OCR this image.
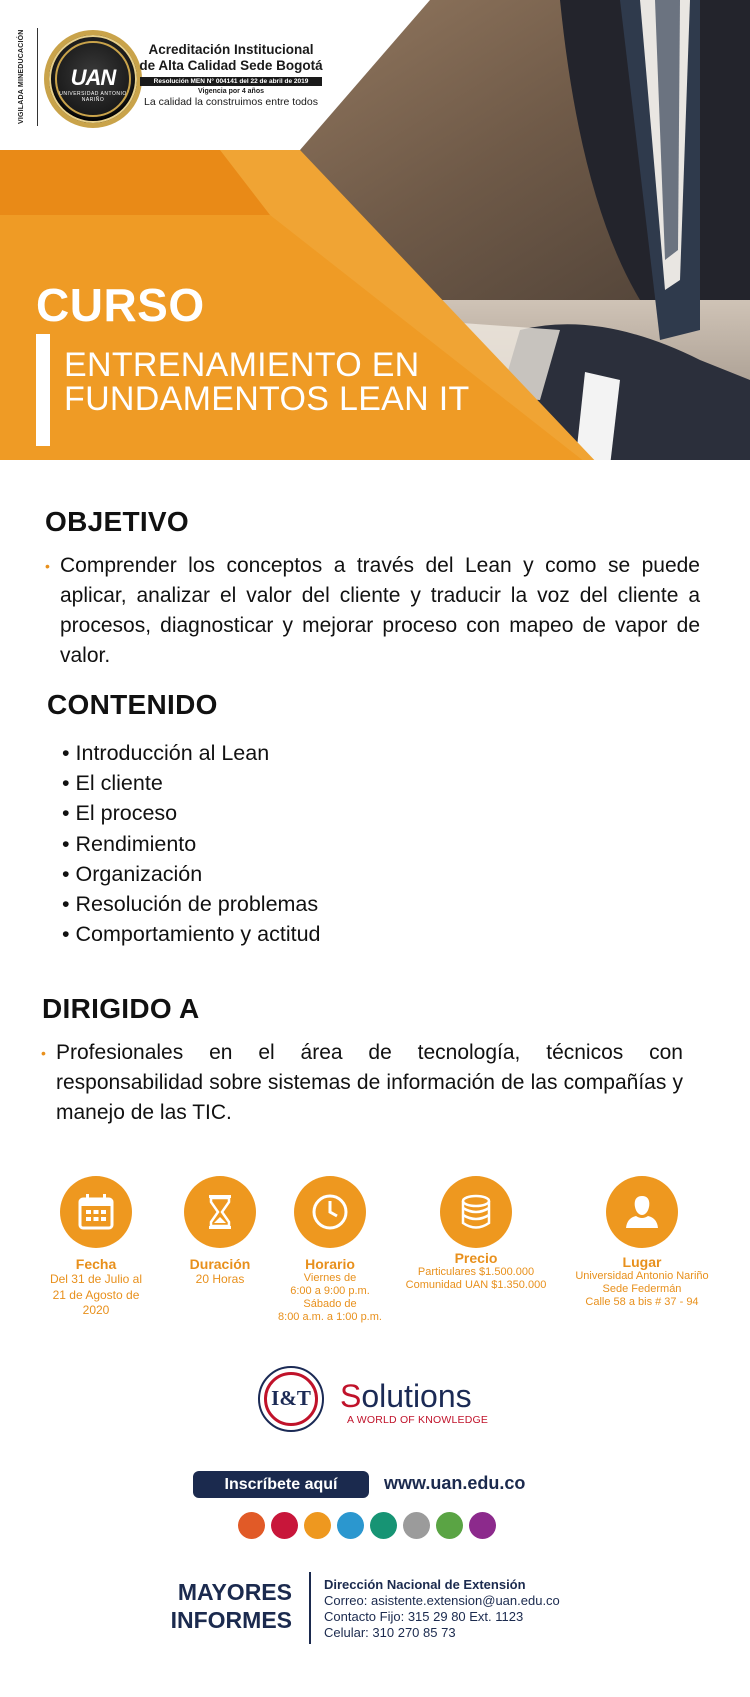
VIGILADA MINEDUCACIÓN	UAN
UNIVERSIDAD ANTONIO NARIÑO
Acreditación Institucional
de Alta Calidad Sede Bogotá
Resolución MEN N° 004141 del 22 de abril de 2019
Vigencia por 4 años
La calidad la construimos entre todos
CURSO
ENTRENAMIENTO EN
FUNDAMENTOS LEAN IT
OBJETIVO
• Comprender los conceptos a través del Lean y como se puede aplicar, analizar el valor del cliente y traducir la voz del cliente a procesos, diagnosticar y mejorar proceso con mapeo de vapor de valor.
CONTENIDO
• Introducción al Lean
• El cliente
• El proceso
• Rendimiento
• Organización
• Resolución de problemas
• Comportamiento y actitud
DIRIGIDO A
• Profesionales en el área de tecnología, técnicos con responsabilidad sobre sistemas de información de las compañías y manejo de las TIC.
Fecha
Del 31 de Julio al
21 de Agosto de
2020
Duración
20 Horas
Horario
Viernes de
6:00 a 9:00 p.m.
Sábado de
8:00 a.m. a 1:00 p.m.
Precio
Particulares $1.500.000
Comunidad UAN $1.350.000
Lugar
Universidad Antonio Nariño
Sede Federmán
Calle 58 a bis # 37 - 94
I&T Solutions
A WORLD OF KNOWLEDGE
Inscríbete aquí	www.uan.edu.co
MAYORES
INFORMES
Dirección Nacional de Extensión
Correo: asistente.extension@uan.edu.co
Contacto Fijo: 315 29 80 Ext. 1123
Celular: 310 270 85 73
